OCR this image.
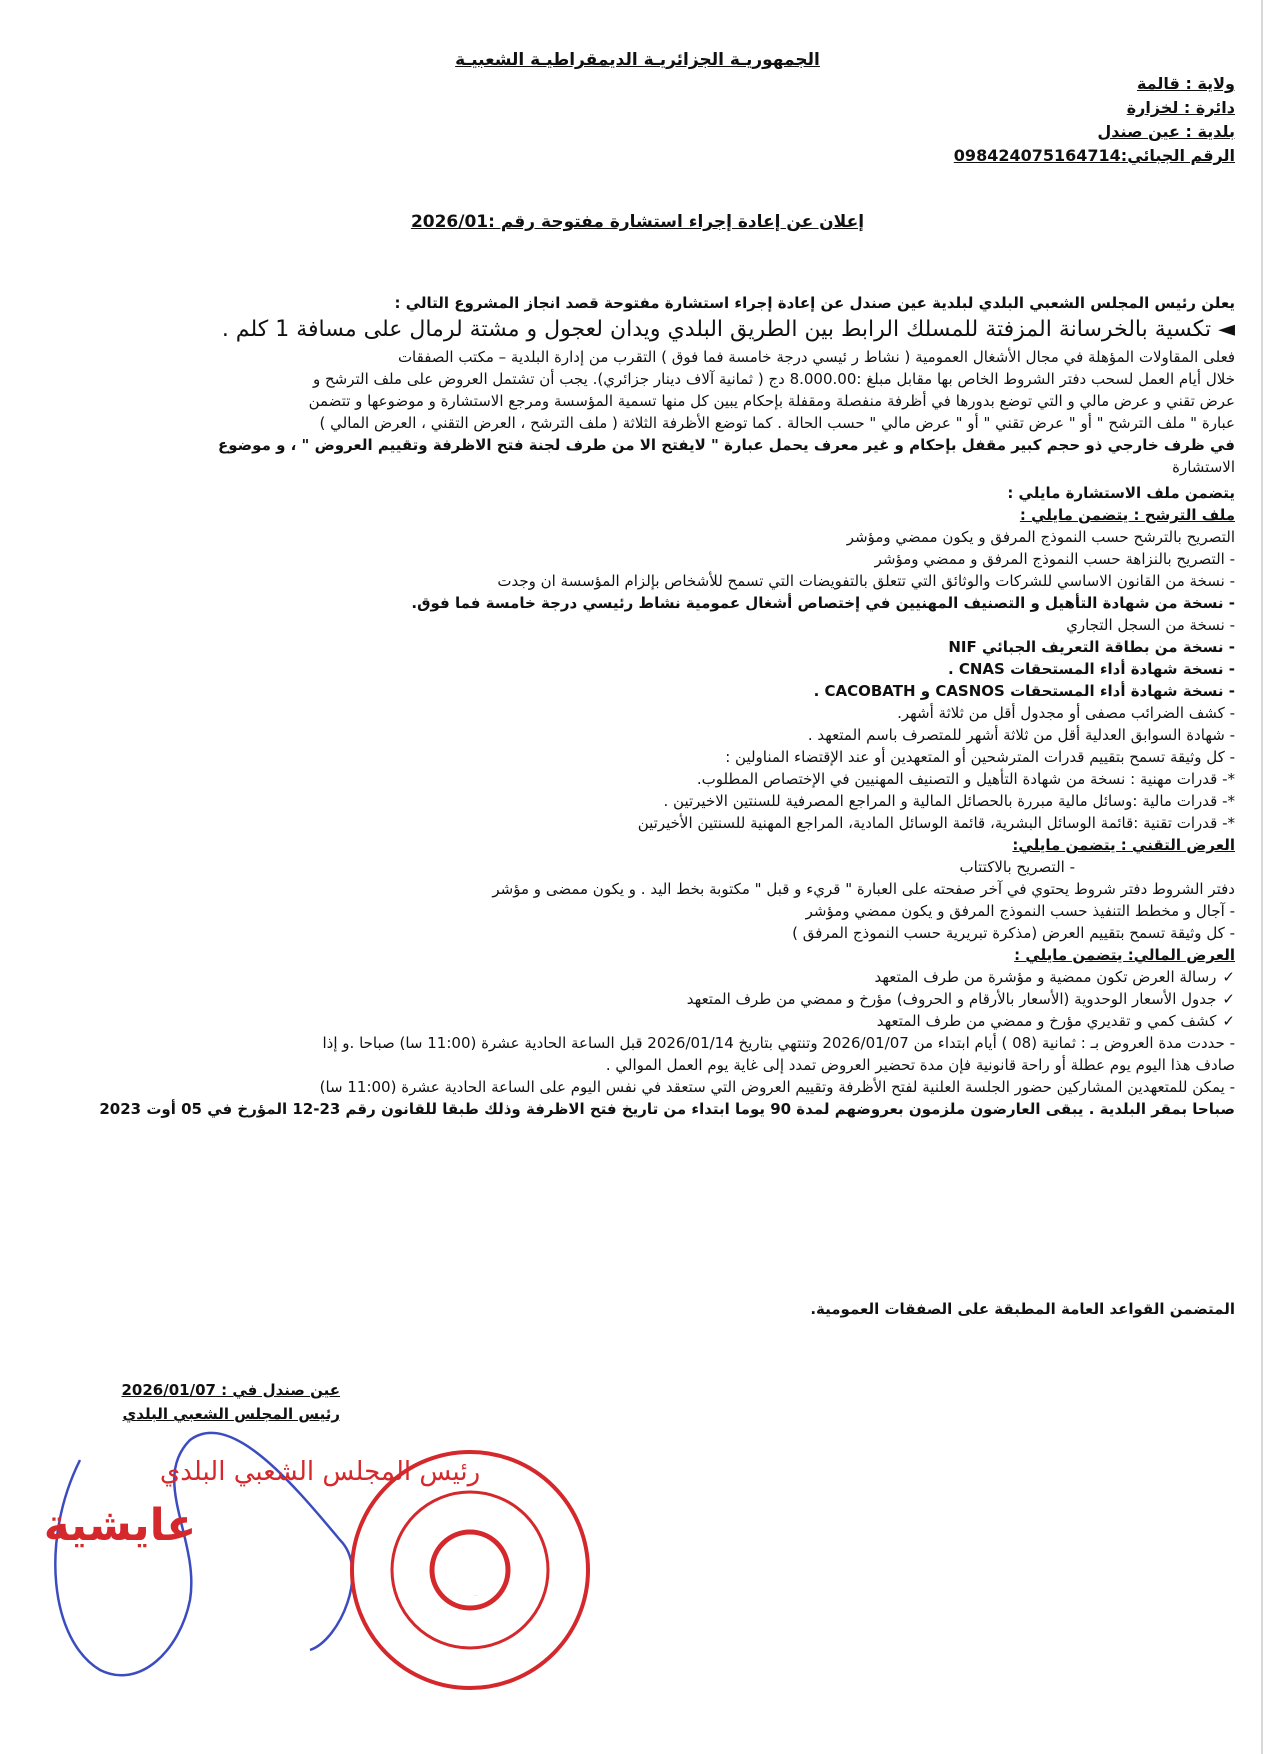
الجمهوريـة الجزائريـة الديمقراطيـة الشعبيـة
ولاية : قالمة
دائرة : لخزارة
بلدية : عين صندل
الرقم الجبائي:098424075164714
إعلان عن إعادة إجراء استشارة مفتوحة رقم :2026/01

يعلن رئيس المجلس الشعبي البلدي لبلدية عين صندل عن إعادة إجراء استشارة مفتوحة قصد انجاز المشروع التالي :

◄ تكسية بالخرسانة المزفتة للمسلك الرابط بين الطريق البلدي ويدان لعجول و مشتة لرمال على مسافة 1 كلم .

فعلى المقاولات المؤهلة في مجال الأشغال العمومية ( نشاط ر ئيسي درجة خامسة فما فوق ) التقرب من إدارة البلدية – مكتب الصفقات

خلال أيام العمل لسحب دفتر الشروط الخاص بها مقابل مبلغ :8.000.00 دج ( ثمانية آلاف دينار جزائري). يجب أن تشتمل العروض على ملف الترشح و

عرض تقني و عرض مالي و التي توضع بدورها في أظرفة منفصلة ومقفلة بإحكام يبين كل منها تسمية المؤسسة ومرجع الاستشارة و موضوعها و تتضمن

عبارة " ملف الترشح " أو " عرض تقني " أو " عرض مالي " حسب الحالة . كما توضع الأظرفة الثلاثة ( ملف الترشح ، العرض التقني ، العرض المالي )

في ظرف خارجي ذو حجم كبير مقفل بإحكام و غير معرف يحمل عبارة " لايفتح الا من طرف لجنة فتح الاظرفة وتقييم العروض " ، و موضوع

الاستشارة

يتضمن ملف الاستشارة مايلي :

ملف الترشح : يتضمن مايلي :

التصريح بالترشح حسب النموذج المرفق و يكون ممضي ومؤشر

- التصريح بالنزاهة حسب النموذج المرفق و ممضي ومؤشر

- نسخة من القانون الاساسي للشركات والوثائق التي تتعلق بالتفويضات التي تسمح للأشخاص بإلزام المؤسسة ان وجدت

- نسخة من شهادة التأهيل و التصنيف المهنيين في إختصاص أشغال عمومية نشاط رئيسي درجة خامسة فما فوق.

- نسخة من السجل التجاري

- نسخة من بطاقة التعريف الجبائي NIF

- نسخة شهادة أداء المستحقات CNAS .

- نسخة شهادة أداء المستحقات CASNOS و CACOBATH .

- كشف الضرائب مصفى أو مجدول أقل من ثلاثة أشهر.

- شهادة السوابق العدلية أقل من ثلاثة أشهر للمتصرف باسم المتعهد .

- كل وثيقة تسمح بتقييم قدرات المترشحين أو المتعهدين أو عند الإقتضاء المناولين :

*- قدرات مهنية : نسخة من شهادة التأهيل و التصنيف المهنيين في الإختصاص المطلوب.

*- قدرات مالية :وسائل مالية مبررة بالحصائل المالية و المراجع المصرفية للسنتين الاخيرتين .

*- قدرات تقنية :قائمة الوسائل البشرية، قائمة الوسائل المادية، المراجع المهنية للسنتين الأخيرتين

العرض التقني : يتضمن مايلي:

- التصريح بالاكتتاب

دفتر الشروط دفتر شروط يحتوي في آخر صفحته على العبارة " قريء و قبل " مكتوبة بخط اليد . و يكون ممضى و مؤشر

- آجال و مخطط التنفيذ حسب النموذج المرفق و يكون ممضي ومؤشر

- كل وثيقة تسمح بتقييم العرض (مذكرة تبريرية حسب النموذج المرفق )

العرض المالي: يتضمن مايلي :

✓ رسالة العرض تكون ممضية و مؤشرة من طرف المتعهد

✓ جدول الأسعار الوحدوية (الأسعار بالأرقام و الحروف) مؤرخ و ممضي من طرف المتعهد

✓ كشف كمي و تقديري مؤرخ و ممضي من طرف المتعهد

- حددت مدة العروض بـ : ثمانية (08 ) أيام ابتداء من 2026/01/07 وتنتهي بتاريخ 2026/01/14 قبل الساعة الحادية عشرة (11:00 سا) صباحا .و إذا

صادف هذا اليوم يوم عطلة أو راحة قانونية فإن مدة تحضير العروض تمدد إلى غاية يوم العمل الموالي .

- يمكن للمتعهدين المشاركين حضور الجلسة العلنية لفتح الأظرفة وتقييم العروض التي ستعقد في نفس اليوم على الساعة الحادية عشرة (11:00 سا)

صباحا بمقر البلدية . يبقى العارضون ملزمون بعروضهم لمدة 90 يوما ابتداء من تاريخ فتح الاظرفة وذلك طبقا للقانون رقم 23-12 المؤرخ في 05 أوت 2023

المتضمن القواعد العامة المطبقة على الصفقات العمومية.
عين صندل في : 2026/01/07
رئيس المجلس الشعبي البلدي
رئيس المجلس الشعبي البلدي
عايشية
